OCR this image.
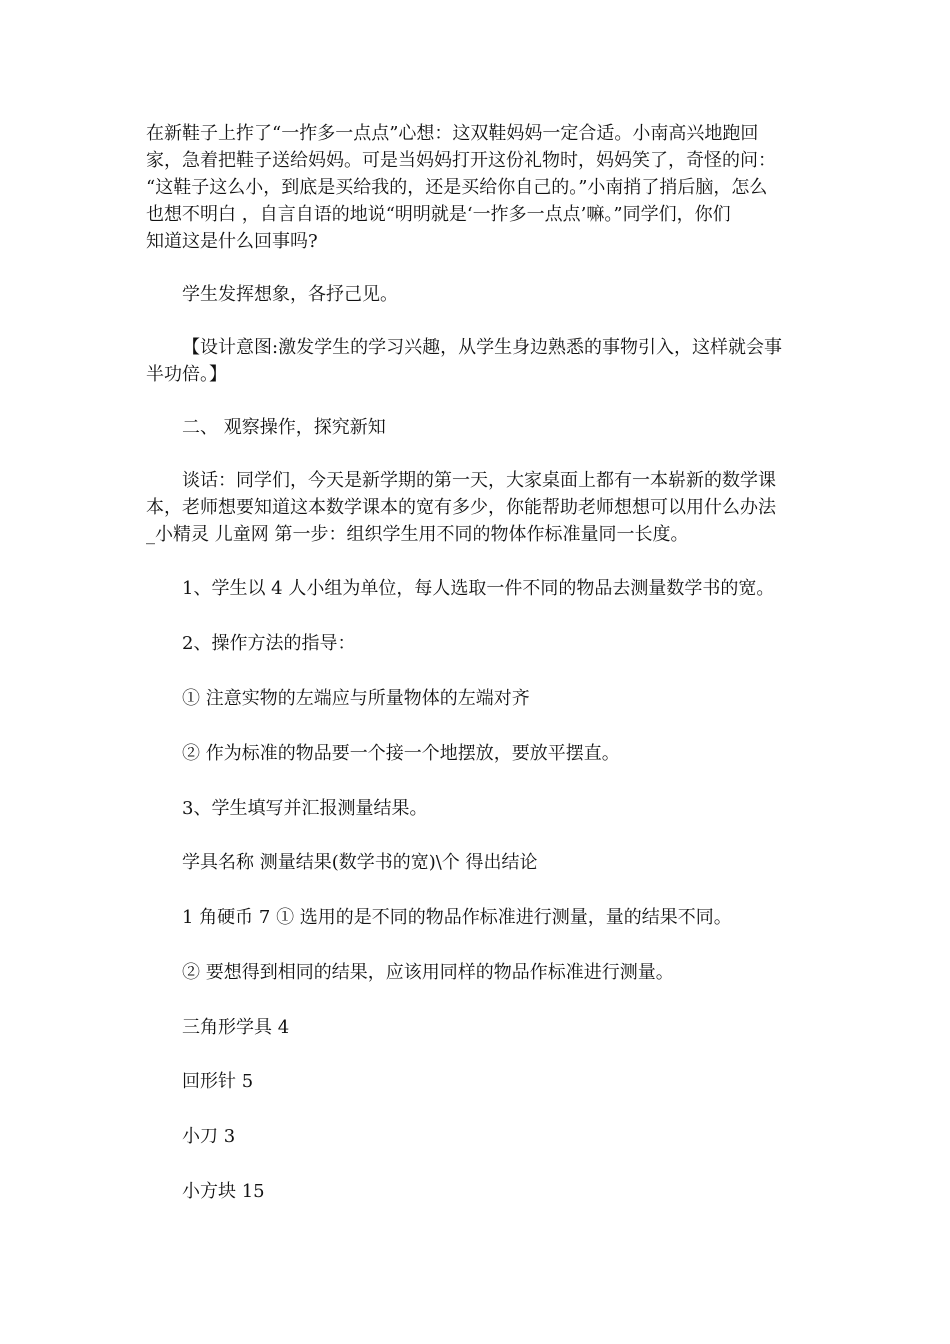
在新鞋子上拃了“一拃多一点点”心想：这双鞋妈妈一定合适。小南高兴地跑回
家，急着把鞋子送给妈妈。可是当妈妈打开这份礼物时，妈妈笑了，奇怪的问：
“这鞋子这么小，到底是买给我的，还是买给你自己的。”小南捎了捎后脑，怎么
也想不明白 ，自言自语的地说“明明就是‘一拃多一点点’嘛。”同学们，你们
知道这是什么回事吗?
学生发挥想象，各抒己见。
【设计意图:激发学生的学习兴趣，从学生身边熟悉的事物引入，这样就会事
半功倍。】
二、 观察操作，探究新知
谈话：同学们，今天是新学期的第一天，大家桌面上都有一本崭新的数学课
本，老师想要知道这本数学课本的宽有多少，你能帮助老师想想可以用什么办法
_小精灵 儿童网 第一步：组织学生用不同的物体作标准量同一长度。
1、学生以 4 人小组为单位，每人选取一件不同的物品去测量数学书的宽。
2、操作方法的指导：
① 注意实物的左端应与所量物体的左端对齐
② 作为标准的物品要一个接一个地摆放，要放平摆直。
3、学生填写并汇报测量结果。
学具名称 测量结果(数学书的宽)\个 得出结论
1 角硬币 7 ① 选用的是不同的物品作标准进行测量，量的结果不同。
② 要想得到相同的结果，应该用同样的物品作标准进行测量。
三角形学具 4
回形针 5
小刀 3
小方块 15
